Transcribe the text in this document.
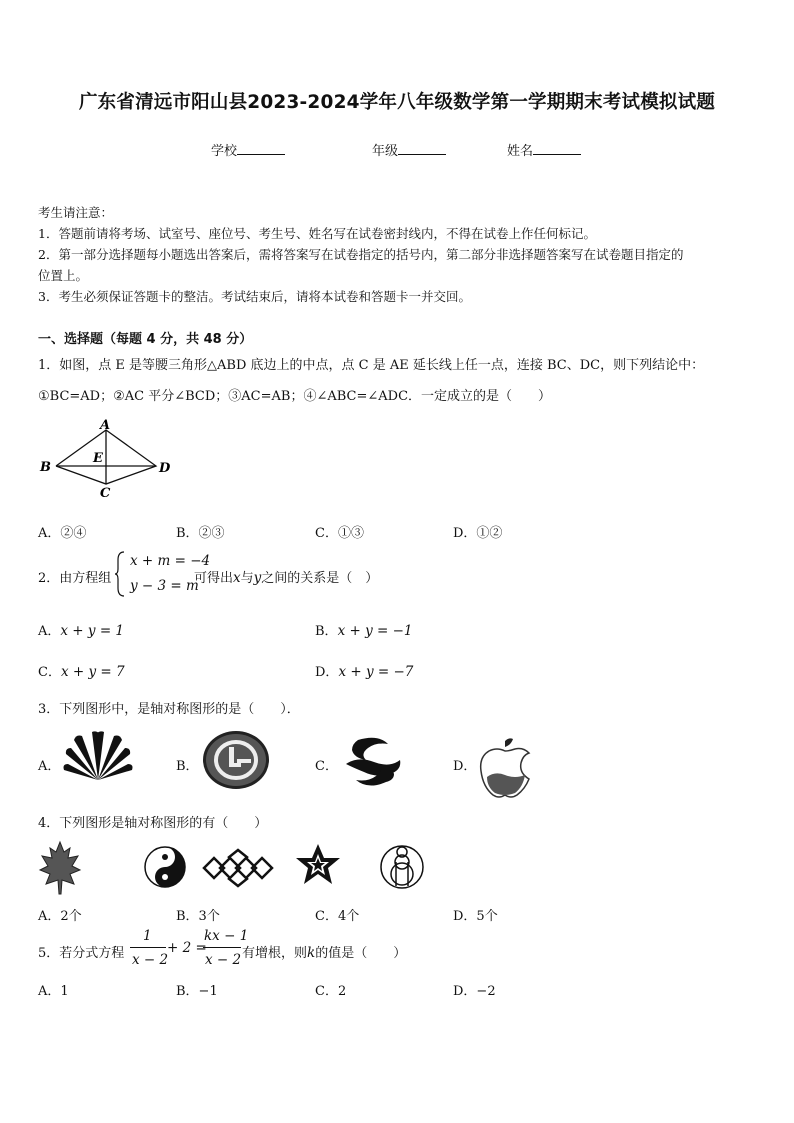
广东省清远市阳山县2023-2024学年八年级数学第一学期期末考试模拟试题
学校	年级	姓名
考生请注意：
1．答题前请将考场、试室号、座位号、考生号、姓名写在试卷密封线内，不得在试卷上作任何标记。
2．第一部分选择题每小题选出答案后，需将答案写在试卷指定的括号内，第二部分非选择题答案写在试卷题目指定的
位置上。
3．考生必须保证答题卡的整洁。考试结束后，请将本试卷和答题卡一并交回。
一、选择题（每题 4 分，共 48 分）
1．如图，点 E 是等腰三角形△ABD 底边上的中点，点 C 是 AE 延长线上任一点，连接 BC、DC，则下列结论中：
①BC=AD；②AC 平分∠BCD；③AC=AB；④∠ABC=∠ADC．一定成立的是（　　）
A
B	D
E
C
A．②④	B．②③	C．①③	D．①②
2．由方程组
x + m = −4
y − 3 = m
可得出x与y之间的关系是（　）
A．x + y = 1	B．x + y = −1
C．x + y = 7	D．x + y = −7
3．下列图形中，是轴对称图形的是（　　）．
A．	B．	C．	D．
4．下列图形是轴对称图形的有（　　）
A．2个	B．3个	C．4个	D．5个
5．若分式方程
1
x − 2
+ 2 =
kx − 1
x − 2 有增根，则k的值是（　　）
A．1	B．−1	C．2	D．−2
